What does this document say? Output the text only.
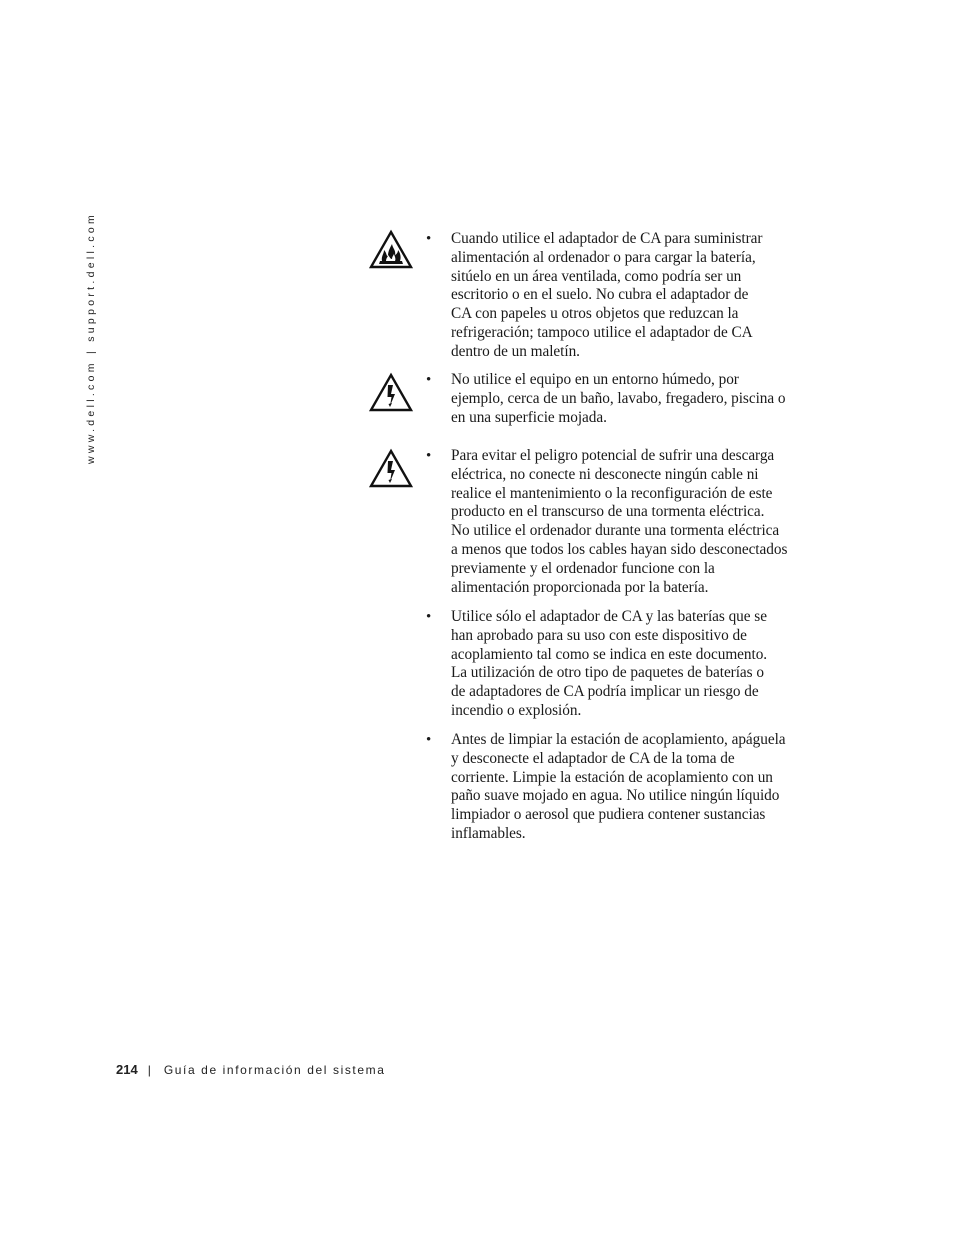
www.dell.com | support.dell.com	• Cuando utilice el adaptador de CA para suministrar
alimentación al ordenador o para cargar la batería,
sitúelo en un área ventilada, como podría ser un
escritorio o en el suelo. No cubra el adaptador de
CA con papeles u otros objetos que reduzcan la
refrigeración; tampoco utilice el adaptador de CA
dentro de un maletín.
• No utilice el equipo en un entorno húmedo, por
ejemplo, cerca de un baño, lavabo, fregadero, piscina o
en una superficie mojada.
• Para evitar el peligro potencial de sufrir una descarga
eléctrica, no conecte ni desconecte ningún cable ni
realice el mantenimiento o la reconfiguración de este
producto en el transcurso de una tormenta eléctrica.
No utilice el ordenador durante una tormenta eléctrica
a menos que todos los cables hayan sido desconectados
previamente y el ordenador funcione con la
alimentación proporcionada por la batería.
• Utilice sólo el adaptador de CA y las baterías que se
han aprobado para su uso con este dispositivo de
acoplamiento tal como se indica en este documento.
La utilización de otro tipo de paquetes de baterías o
de adaptadores de CA podría implicar un riesgo de
incendio o explosión.
• Antes de limpiar la estación de acoplamiento, apáguela
y desconecte el adaptador de CA de la toma de
corriente. Limpie la estación de acoplamiento con un
paño suave mojado en agua. No utilice ningún líquido
limpiador o aerosol que pudiera contener sustancias
inflamables.
214 | Guía de información del sistema
